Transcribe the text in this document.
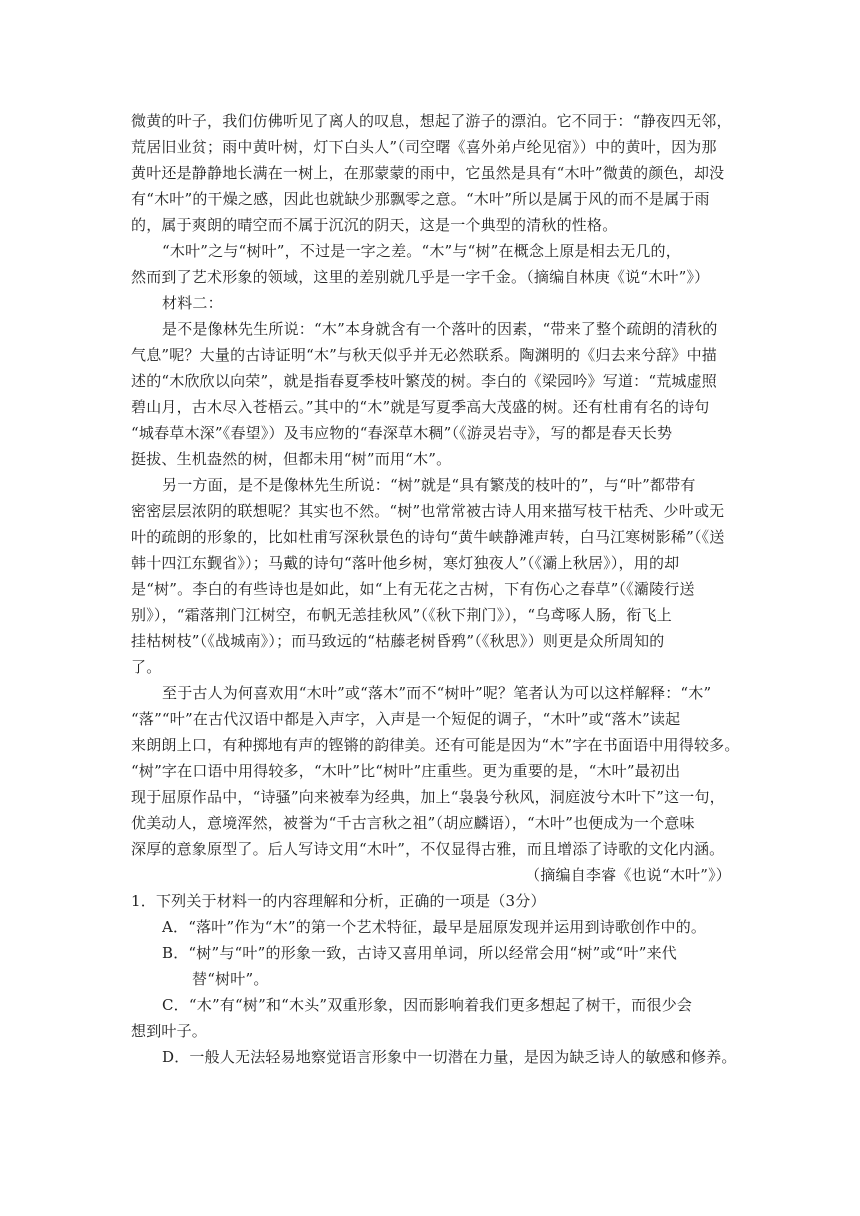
微黄的叶子，我们仿佛听见了离人的叹息，想起了游子的漂泊。它不同于：“静夜四无邻，
荒居旧业贫；雨中黄叶树，灯下白头人”（司空曙《喜外弟卢纶见宿》）中的黄叶，因为那
黄叶还是静静地长满在一树上，在那蒙蒙的雨中，它虽然是具有“木叶”微黄的颜色，却没
有“木叶”的干燥之感，因此也就缺少那飘零之意。“木叶”所以是属于风的而不是属于雨
的，属于爽朗的晴空而不属于沉沉的阴天，这是一个典型的清秋的性格。
“木叶”之与“树叶”，不过是一字之差。“木”与“树”在概念上原是相去无几的，
然而到了艺术形象的领域，这里的差别就几乎是一字千金。（摘编自林庚《说“木叶”》）
材料二：
是不是像林先生所说：“木”本身就含有一个落叶的因素，“带来了整个疏朗的清秋的
气息”呢？大量的古诗证明“木”与秋天似乎并无必然联系。陶渊明的《归去来兮辞》中描
述的“木欣欣以向荣”，就是指春夏季枝叶繁茂的树。李白的《梁园吟》写道：“荒城虚照
碧山月，古木尽入苍梧云。”其中的“木”就是写夏季高大茂盛的树。还有杜甫有名的诗句
“城春草木深”《春望》）及韦应物的“春深草木稠”（《游灵岩寺》，写的都是春天长势
挺拔、生机盎然的树，但都未用“树”而用“木”。
另一方面，是不是像林先生所说：“树”就是“具有繁茂的枝叶的”，与“叶”都带有
密密层层浓阴的联想呢？其实也不然。“树”也常常被古诗人用来描写枝干枯秃、少叶或无
叶的疏朗的形象的，比如杜甫写深秋景色的诗句“黄牛峡静滩声转，白马江寒树影稀”（《送
韩十四江东觐省》）；马戴的诗句“落叶他乡树，寒灯独夜人”（《灞上秋居》），用的却
是“树”。李白的有些诗也是如此，如“上有无花之古树，下有伤心之春草”（《灞陵行送
别》），“霜落荆门江树空，布帆无恙挂秋风”（《秋下荆门》），“乌鸢啄人肠，衔飞上
挂枯树枝”（《战城南》）；而马致远的“枯藤老树昏鸦”（《秋思》）则更是众所周知的
了。
至于古人为何喜欢用“木叶”或“落木”而不“树叶”呢？笔者认为可以这样解释：“木”
“落”“叶”在古代汉语中都是入声字，入声是一个短促的调子，“木叶”或“落木”读起
来朗朗上口，有种掷地有声的铿锵的韵律美。还有可能是因为“木”字在书面语中用得较多。
“树”字在口语中用得较多，“木叶”比“树叶”庄重些。更为重要的是，“木叶”最初出
现于屈原作品中，“诗骚”向来被奉为经典，加上“袅袅兮秋风，洞庭波兮木叶下”这一句，
优美动人，意境浑然，被誉为“千古言秋之祖”（胡应麟语），“木叶”也便成为一个意味
深厚的意象原型了。后人写诗文用“木叶”，不仅显得古雅，而且增添了诗歌的文化内涵。
（摘编自李睿《也说“木叶”》）
1．下列关于材料一的内容理解和分析，正确的一项是（3分）
A．“落叶”作为“木”的第一个艺术特征，最早是屈原发现并运用到诗歌创作中的。
B．“树”与“叶”的形象一致，古诗又喜用单词，所以经常会用“树”或“叶”来代
替“树叶”。
C．“木”有“树”和“木头”双重形象，因而影响着我们更多想起了树干，而很少会
想到叶子。
D．一般人无法轻易地察觉语言形象中一切潜在力量，是因为缺乏诗人的敏感和修养。
